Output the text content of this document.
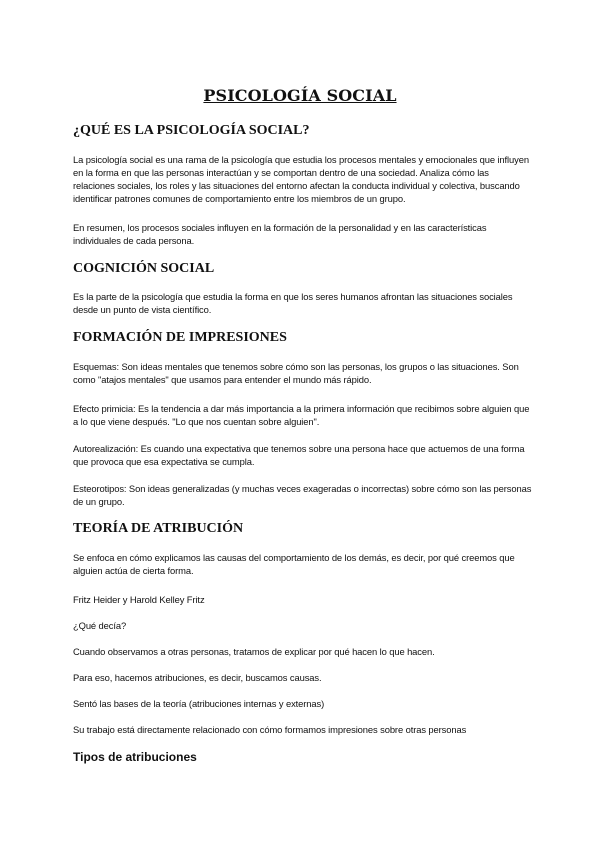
PSICOLOGÍA SOCIAL
¿QUÉ ES LA PSICOLOGÍA SOCIAL?
La psicología social es una rama de la psicología que estudia los procesos mentales y emocionales que influyen en la forma en que las personas interactúan y se comportan dentro de una sociedad. Analiza cómo las relaciones sociales, los roles y las situaciones del entorno afectan la conducta individual y colectiva, buscando identificar patrones comunes de comportamiento entre los miembros de un grupo.
En resumen, los procesos sociales influyen en la formación de la personalidad y en las características individuales de cada persona.
COGNICIÓN SOCIAL
Es la parte de la psicología que estudia la forma en que los seres humanos afrontan las situaciones sociales desde un punto de vista científico.
FORMACIÓN DE IMPRESIONES
Esquemas: Son ideas mentales que tenemos sobre cómo son las personas, los grupos o las situaciones. Son como "atajos mentales" que usamos para entender el mundo más rápido.
Efecto primicia: Es la tendencia a dar más importancia a la primera información que recibimos sobre alguien que a lo que viene después. "Lo que nos cuentan sobre alguien".
Autorealización: Es cuando una expectativa que tenemos sobre una persona hace que actuemos de una forma que provoca que esa expectativa se cumpla.
Esteorotipos: Son ideas generalizadas (y muchas veces exageradas o incorrectas) sobre cómo son las personas de un grupo.
TEORÍA DE ATRIBUCIÓN
Se enfoca en cómo explicamos las causas del comportamiento de los demás, es decir, por qué creemos que alguien actúa de cierta forma.
Fritz Heider y Harold Kelley Fritz
¿Qué decía?
Cuando observamos a otras personas, tratamos de explicar por qué hacen lo que hacen.
Para eso, hacemos atribuciones, es decir, buscamos causas.
Sentó las bases de la teoría (atribuciones internas y externas)
Su trabajo está directamente relacionado con cómo formamos impresiones sobre otras personas
Tipos de atribuciones
